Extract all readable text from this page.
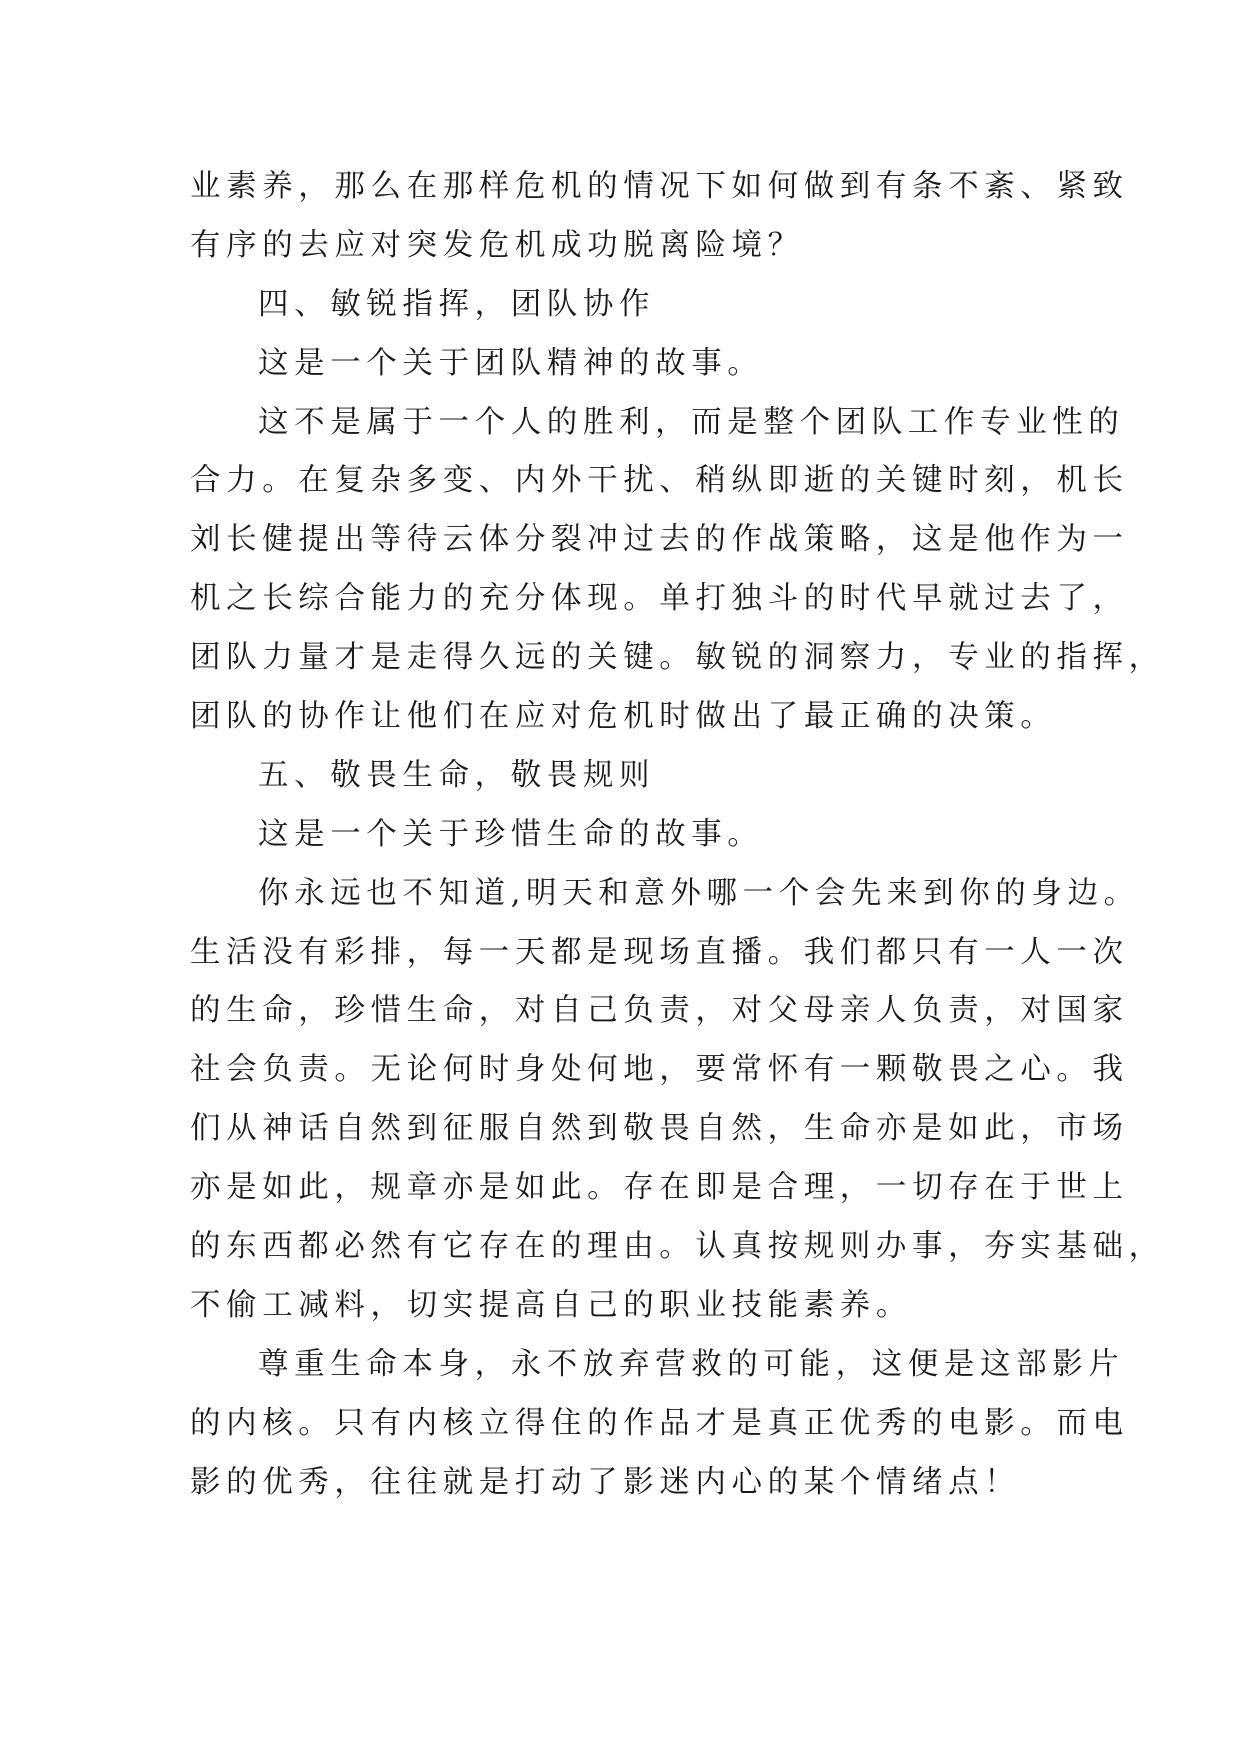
业素养，那么在那样危机的情况下如何做到有条不紊、紧致
有序的去应对突发危机成功脱离险境？
四、敏锐指挥，团队协作
这是一个关于团队精神的故事。
这不是属于一个人的胜利，而是整个团队工作专业性的
合力。在复杂多变、内外干扰、稍纵即逝的关键时刻，机长
刘长健提出等待云体分裂冲过去的作战策略，这是他作为一
机之长综合能力的充分体现。单打独斗的时代早就过去了，
团队力量才是走得久远的关键。敏锐的洞察力，专业的指挥，
团队的协作让他们在应对危机时做出了最正确的决策。
五、敬畏生命，敬畏规则
这是一个关于珍惜生命的故事。
你永远也不知道,明天和意外哪一个会先来到你的身边。
生活没有彩排，每一天都是现场直播。我们都只有一人一次
的生命，珍惜生命，对自己负责，对父母亲人负责，对国家
社会负责。无论何时身处何地，要常怀有一颗敬畏之心。我
们从神话自然到征服自然到敬畏自然，生命亦是如此，市场
亦是如此，规章亦是如此。存在即是合理，一切存在于世上
的东西都必然有它存在的理由。认真按规则办事，夯实基础，
不偷工减料，切实提高自己的职业技能素养。
尊重生命本身，永不放弃营救的可能，这便是这部影片
的内核。只有内核立得住的作品才是真正优秀的电影。而电
影的优秀，往往就是打动了影迷内心的某个情绪点！
